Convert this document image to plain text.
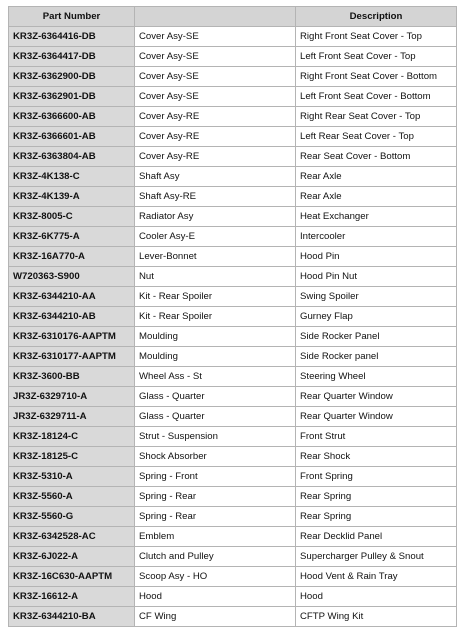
Part Number		Description
KR3Z-6364416-DB	Cover Asy-SE	Right Front Seat Cover - Top
KR3Z-6364417-DB	Cover Asy-SE	Left Front Seat Cover - Top
KR3Z-6362900-DB	Cover Asy-SE	Right Front Seat Cover - Bottom
KR3Z-6362901-DB	Cover Asy-SE	Left Front Seat Cover - Bottom
KR3Z-6366600-AB	Cover Asy-RE	Right Rear Seat Cover - Top
KR3Z-6366601-AB	Cover Asy-RE	Left Rear Seat Cover - Top
KR3Z-6363804-AB	Cover Asy-RE	Rear Seat Cover - Bottom
KR3Z-4K138-C	Shaft Asy	Rear Axle
KR3Z-4K139-A	Shaft Asy-RE	Rear Axle
KR3Z-8005-C	Radiator Asy	Heat Exchanger
KR3Z-6K775-A	Cooler Asy-E	Intercooler
KR3Z-16A770-A	Lever-Bonnet	Hood Pin
W720363-S900	Nut	Hood Pin Nut
KR3Z-6344210-AA	Kit - Rear Spoiler	Swing Spoiler
KR3Z-6344210-AB	Kit - Rear Spoiler	Gurney Flap
KR3Z-6310176-AAPTM	Moulding	Side Rocker Panel
KR3Z-6310177-AAPTM	Moulding	Side Rocker panel
KR3Z-3600-BB	Wheel Ass - St	Steering Wheel
JR3Z-6329710-A	Glass - Quarter	Rear Quarter Window
JR3Z-6329711-A	Glass - Quarter	Rear Quarter Window
KR3Z-18124-C	Strut - Suspension	Front Strut
KR3Z-18125-C	Shock Absorber	Rear Shock
KR3Z-5310-A	Spring - Front	Front Spring
KR3Z-5560-A	Spring - Rear	Rear Spring
KR3Z-5560-G	Spring - Rear	Rear Spring
KR3Z-6342528-AC	Emblem	Rear Decklid Panel
KR3Z-6J022-A	Clutch and Pulley	Supercharger Pulley & Snout
KR3Z-16C630-AAPTM	Scoop Asy - HO	Hood Vent & Rain Tray
KR3Z-16612-A	Hood	Hood
KR3Z-6344210-BA	CF Wing	CFTP Wing Kit
